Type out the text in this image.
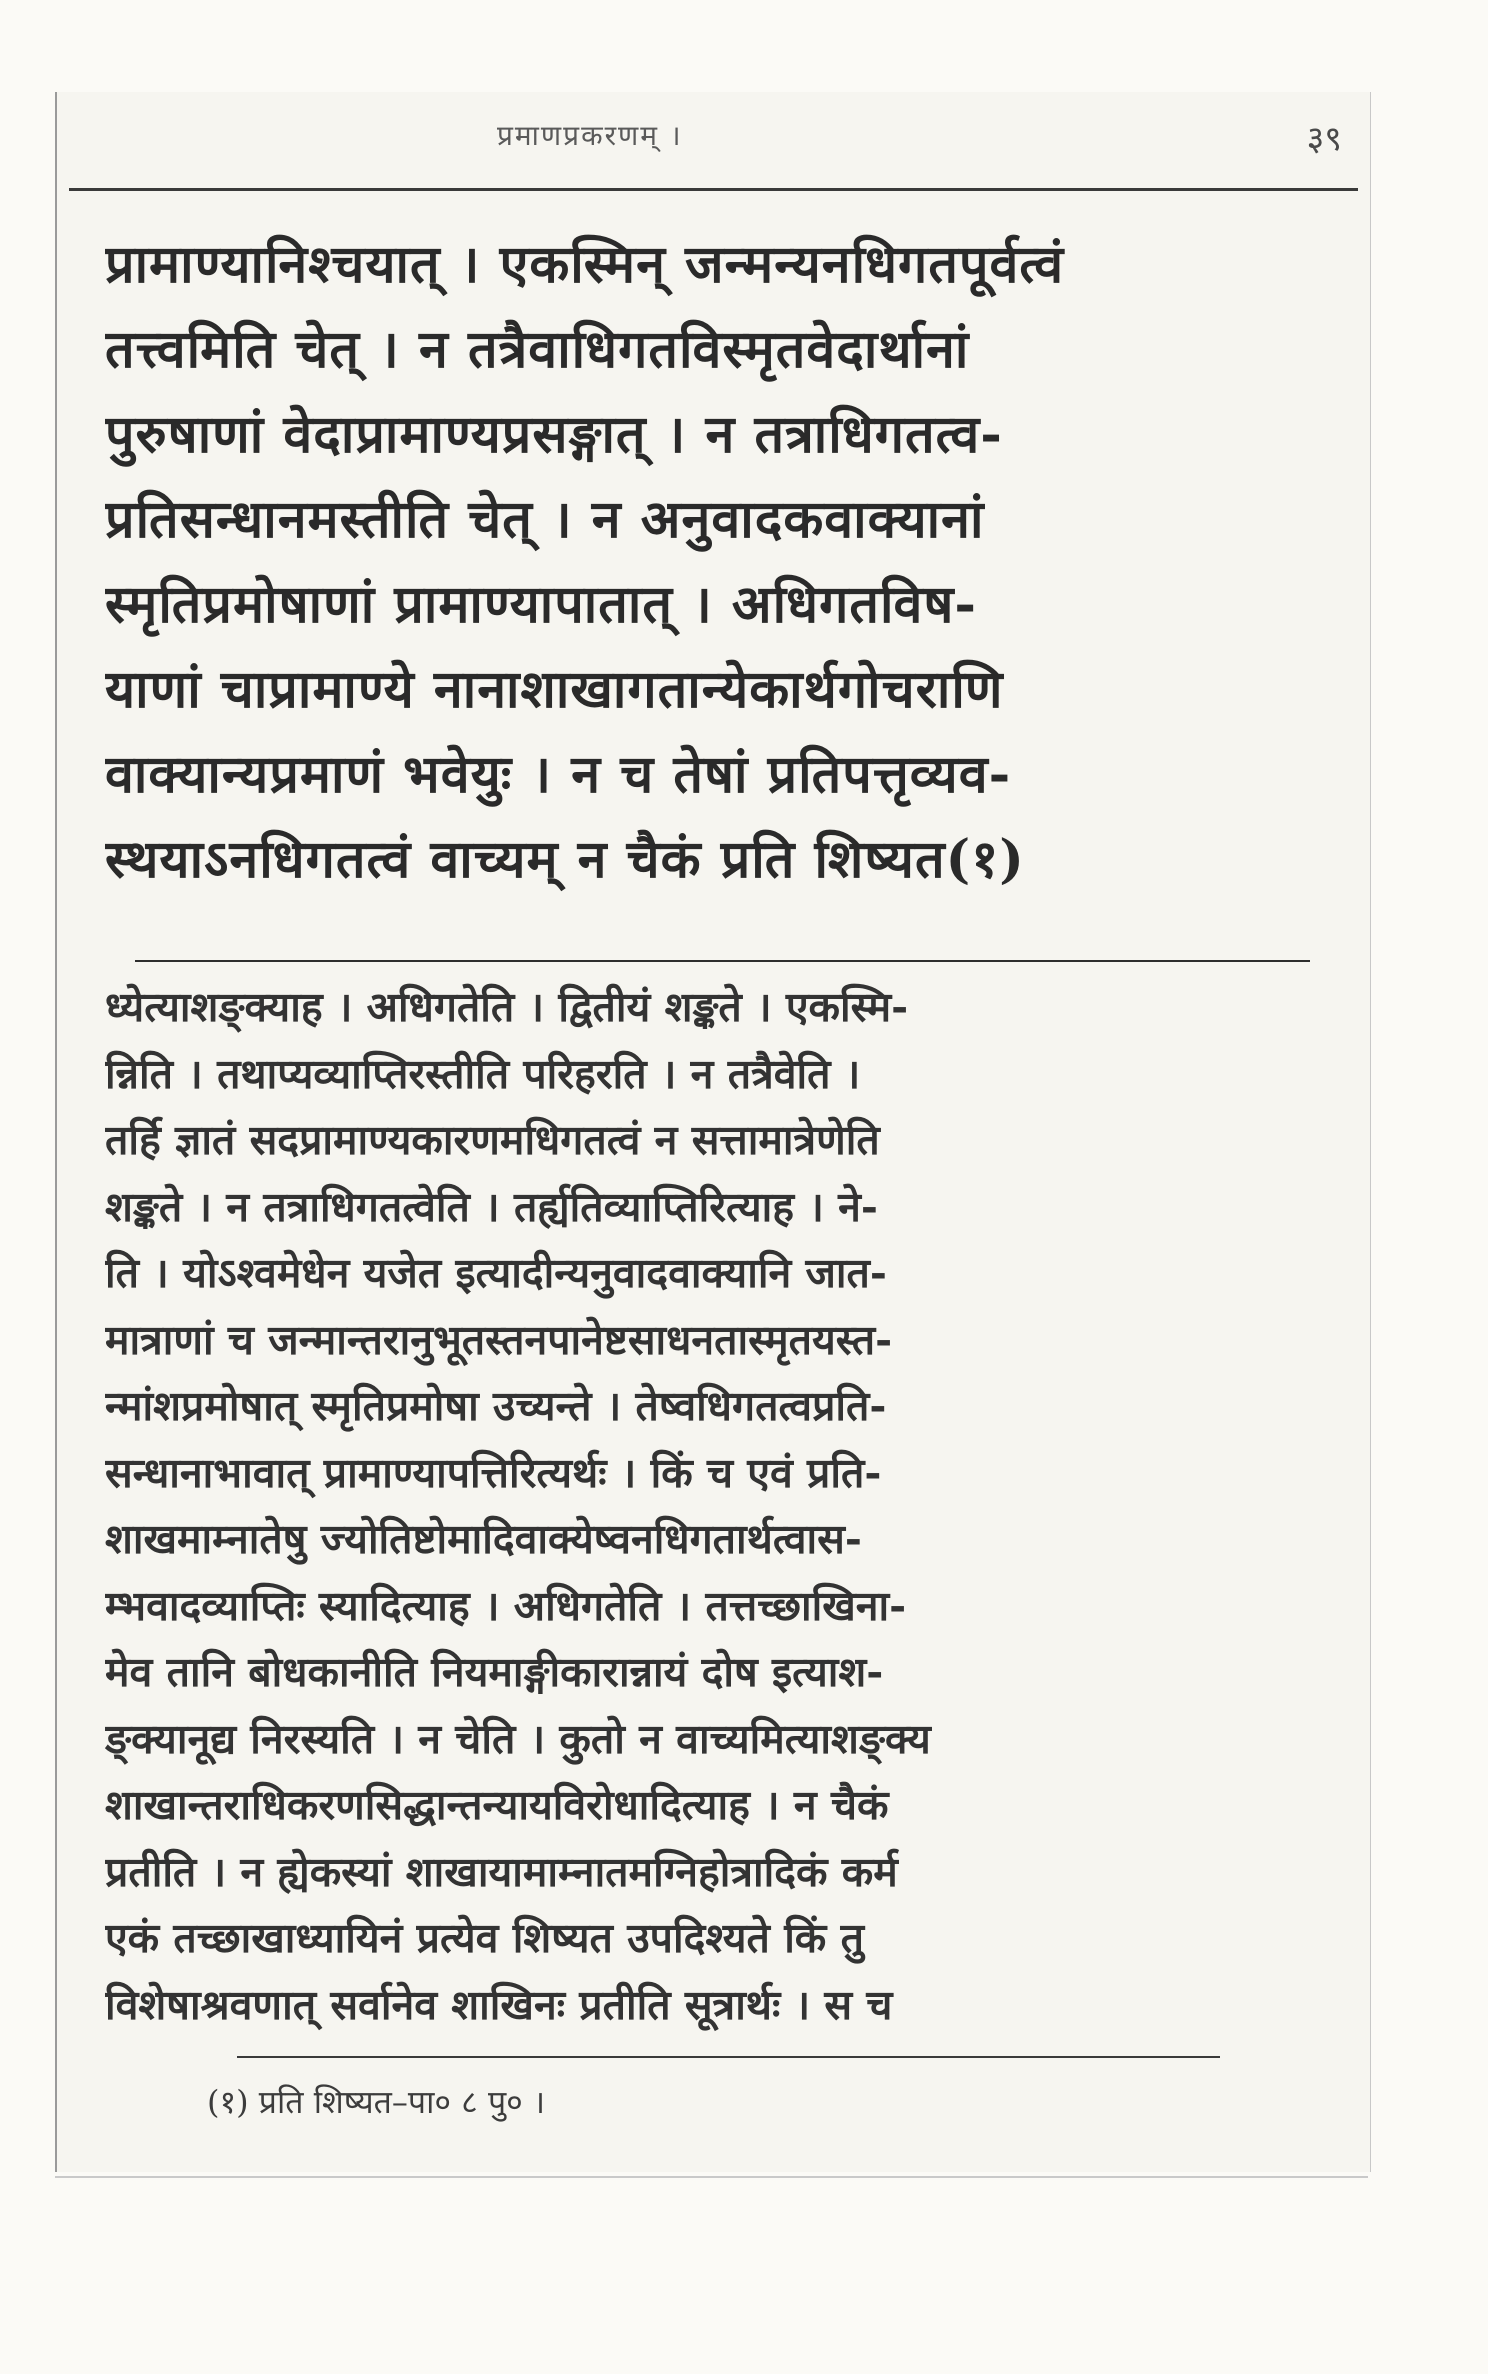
प्रमाणप्रकरणम् ।	३९
प्रामाण्यानिश्चयात् । एकस्मिन् जन्मन्यनधिगतपूर्वत्वं
तत्त्वमिति चेत् । न तत्रैवाधिगतविस्मृतवेदार्थानां
पुरुषाणां वेदाप्रामाण्यप्रसङ्गात् । न तत्राधिगतत्व-
प्रतिसन्धानमस्तीति चेत् । न अनुवादकवाक्यानां
स्मृतिप्रमोषाणां प्रामाण्यापातात् । अधिगतविष-
याणां चाप्रामाण्ये नानाशाखागतान्येकार्थगोचराणि
वाक्यान्यप्रमाणं भवेयुः । न च तेषां प्रतिपत्तृव्यव-
स्थयाऽनधिगतत्वं वाच्यम् न चैकं प्रति शिष्यत(१)
ध्येत्याशङ्क्याह । अधिगतेति । द्वितीयं शङ्कते । एकस्मि-
न्निति । तथाप्यव्याप्तिरस्तीति परिहरति । न तत्रैवेति ।
तर्हि ज्ञातं सदप्रामाण्यकारणमधिगतत्वं न सत्तामात्रेणेति
शङ्कते । न तत्राधिगतत्वेति । तर्ह्यतिव्याप्तिरित्याह । ने-
ति । योऽश्वमेधेन यजेत इत्यादीन्यनुवादवाक्यानि जात-
मात्राणां च जन्मान्तरानुभूतस्तनपानेष्टसाधनतास्मृतयस्त-
न्मांशप्रमोषात् स्मृतिप्रमोषा उच्यन्ते । तेष्वधिगतत्वप्रति-
सन्धानाभावात् प्रामाण्यापत्तिरित्यर्थः । किं च एवं प्रति-
शाखमाम्नातेषु ज्योतिष्टोमादिवाक्येष्वनधिगतार्थत्वास-
म्भवादव्याप्तिः स्यादित्याह । अधिगतेति । तत्तच्छाखिना-
मेव तानि बोधकानीति नियमाङ्गीकारान्नायं दोष इत्याश-
ङ्क्यानूद्य निरस्यति । न चेति । कुतो न वाच्यमित्याशङ्क्य
शाखान्तराधिकरणसिद्धान्तन्यायविरोधादित्याह । न चैकं
प्रतीति । न ह्येकस्यां शाखायामाम्नातमग्निहोत्रादिकं कर्म
एकं तच्छाखाध्यायिनं प्रत्येव शिष्यत उपदिश्यते किं तु
विशेषाश्रवणात् सर्वानेव शाखिनः प्रतीति सूत्रार्थः । स च
(१) प्रति शिष्यत–पा० ८ पु० ।
